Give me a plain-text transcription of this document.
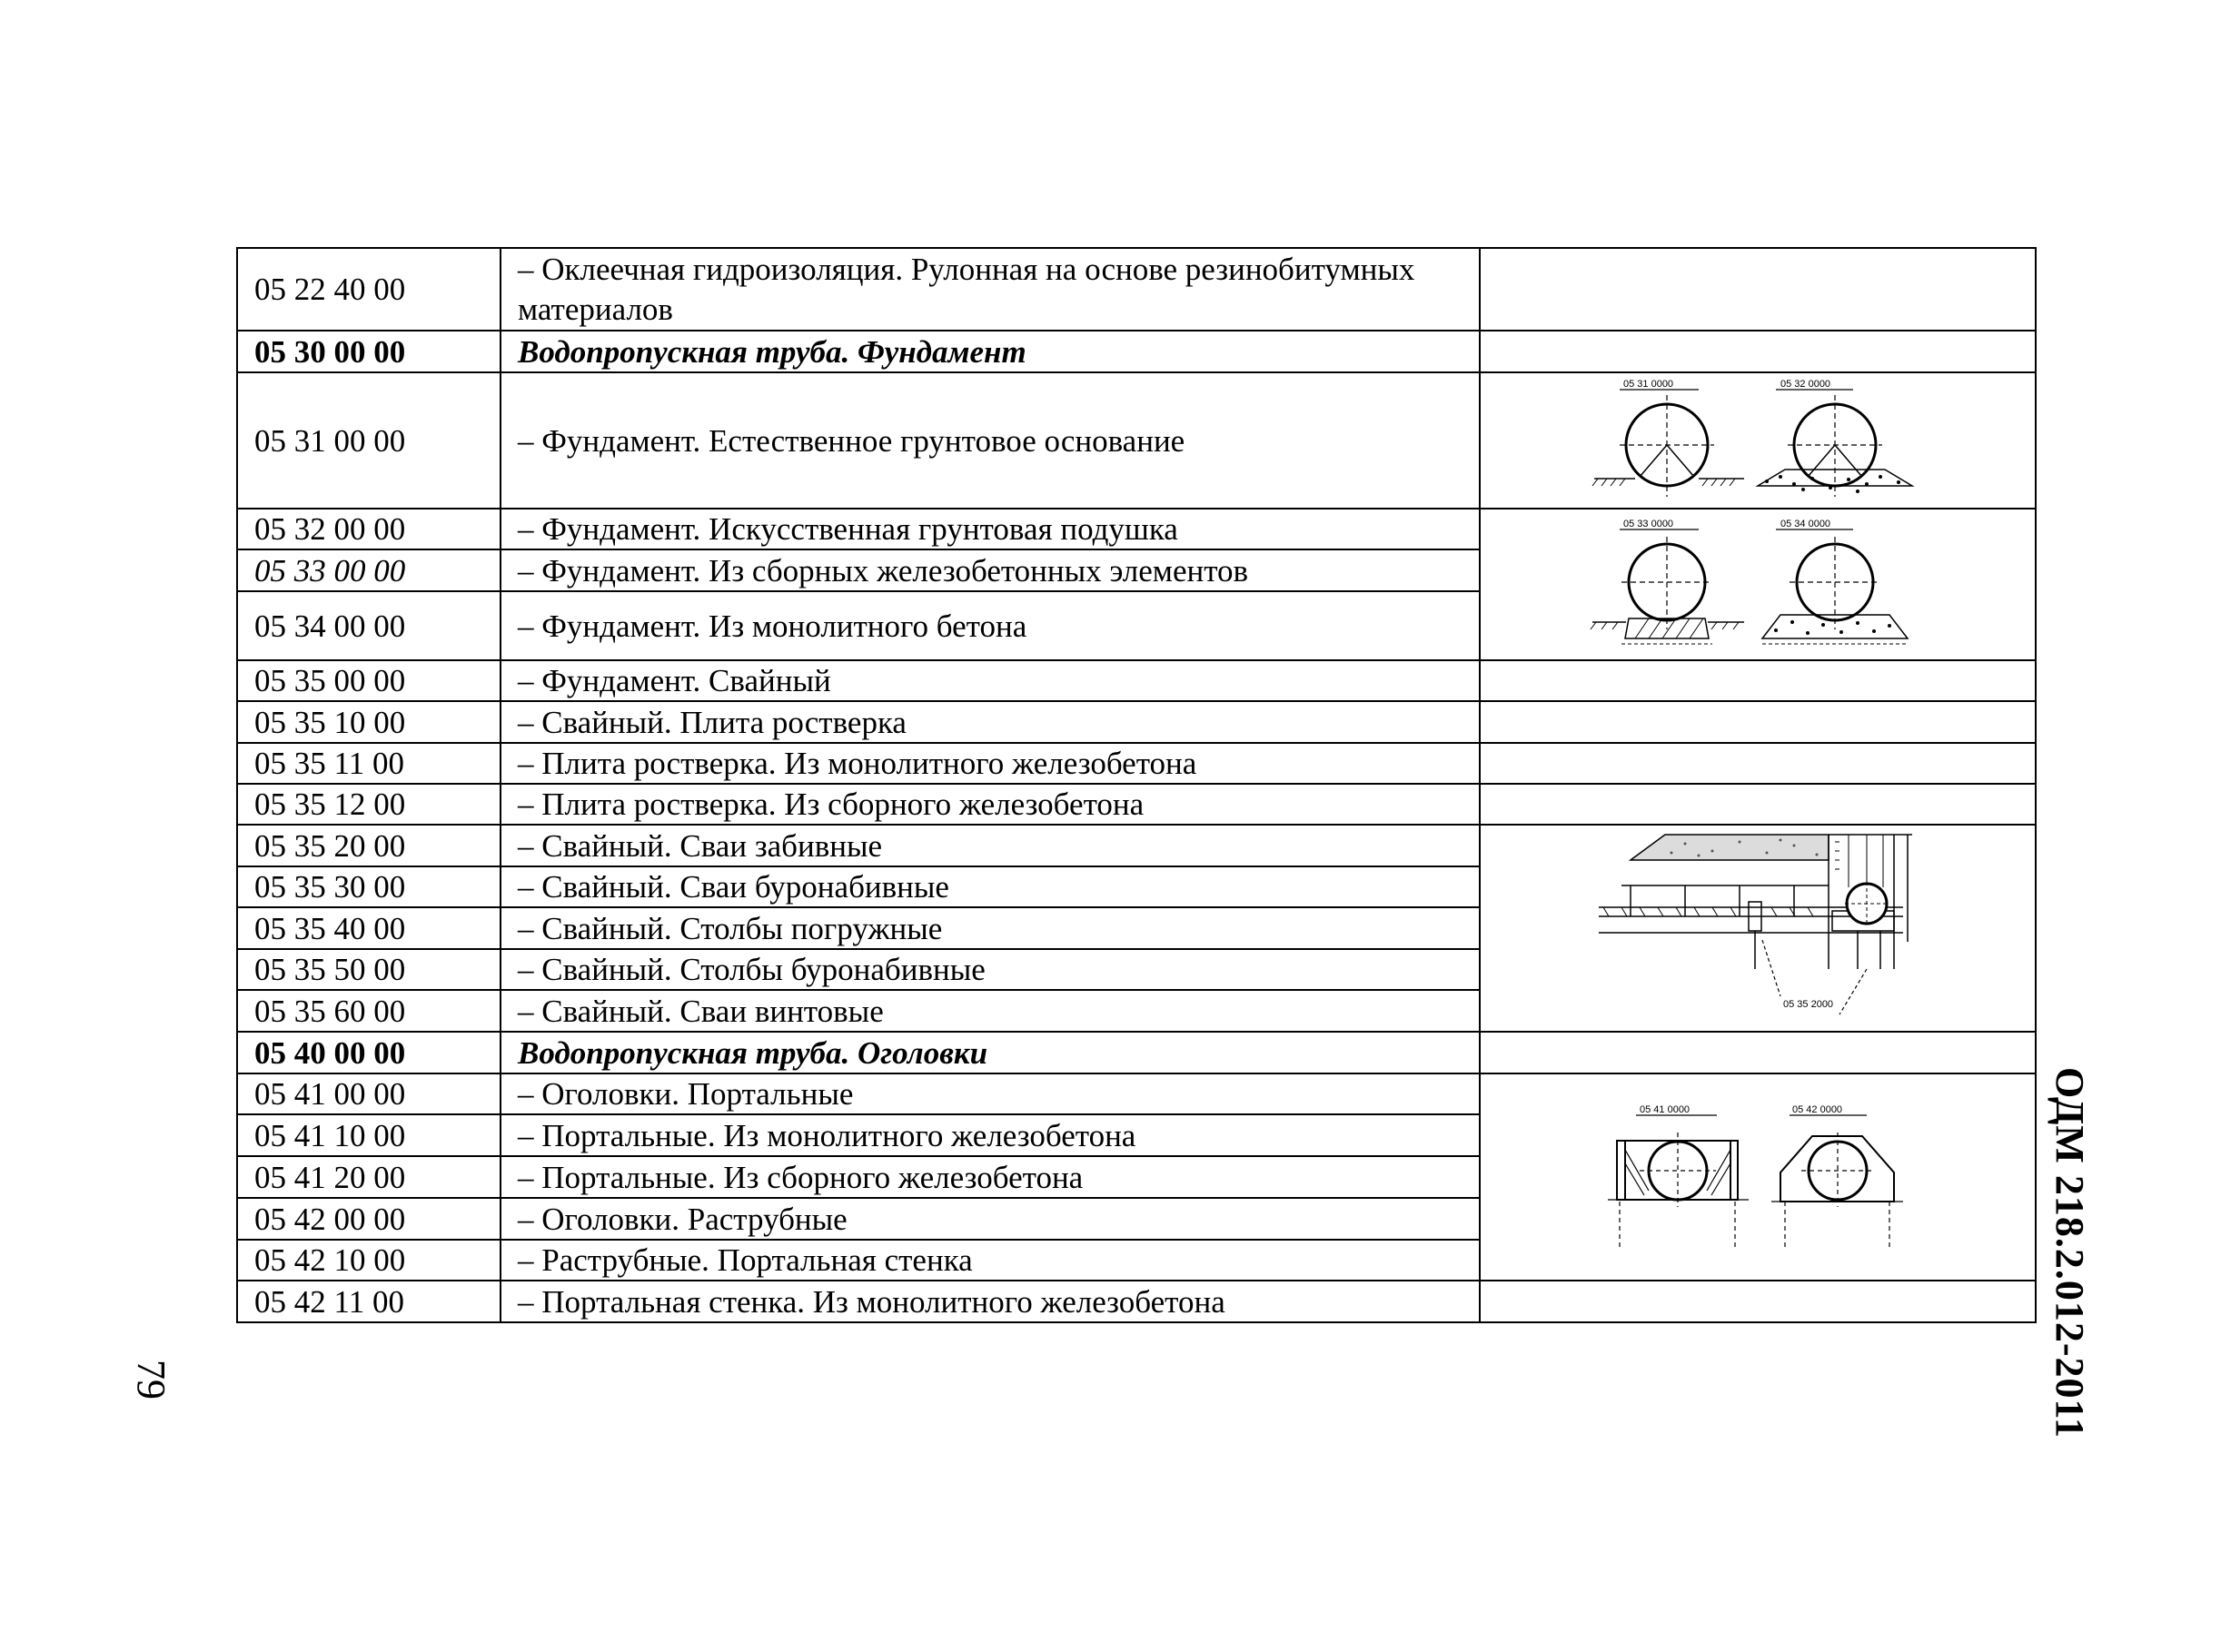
05 22 40 00	– Оклеечная гидроизоляция. Рулонная на основе резинобитумных материалов	
05 30 00 00	Водопропускная труба. Фундамент	
05 31 00 00	– Фундамент. Естественное грунтовое основание	05 31 0000 05 32 0000

05 32 00 00	– Фундамент. Искусственная грунтовая подушка	05 33 0000 05 34 0000

05 33 00 00	– Фундамент. Из сборных железобетонных элементов	
05 34 00 00	– Фундамент. Из монолитного бетона	
05 35 00 00	– Фундамент. Свайный	
05 35 10 00	– Свайный. Плита ростверка	
05 35 11 00	– Плита ростверка. Из монолитного железобетона	
05 35 12 00	– Плита ростверка. Из сборного железобетона	
05 35 20 00	– Свайный. Сваи забивные	05 35 2000

05 35 30 00	– Свайный. Сваи буронабивные	
05 35 40 00	– Свайный. Столбы погружные	
05 35 50 00	– Свайный. Столбы буронабивные	
05 35 60 00	– Свайный. Сваи винтовые	
05 40 00 00	Водопропускная труба. Оголовки	
05 41 00 00	– Оголовки. Портальные	05 41 0000 05 42 0000

05 41 10 00	– Портальные. Из монолитного железобетона	
05 41 20 00	– Портальные. Из сборного железобетона	
05 42 00 00	– Оголовки. Раструбные	
05 42 10 00	– Раструбные. Портальная стенка	
05 42 11 00	– Портальная стенка. Из монолитного железобетона		ОДМ 218.2.012-2011
79
